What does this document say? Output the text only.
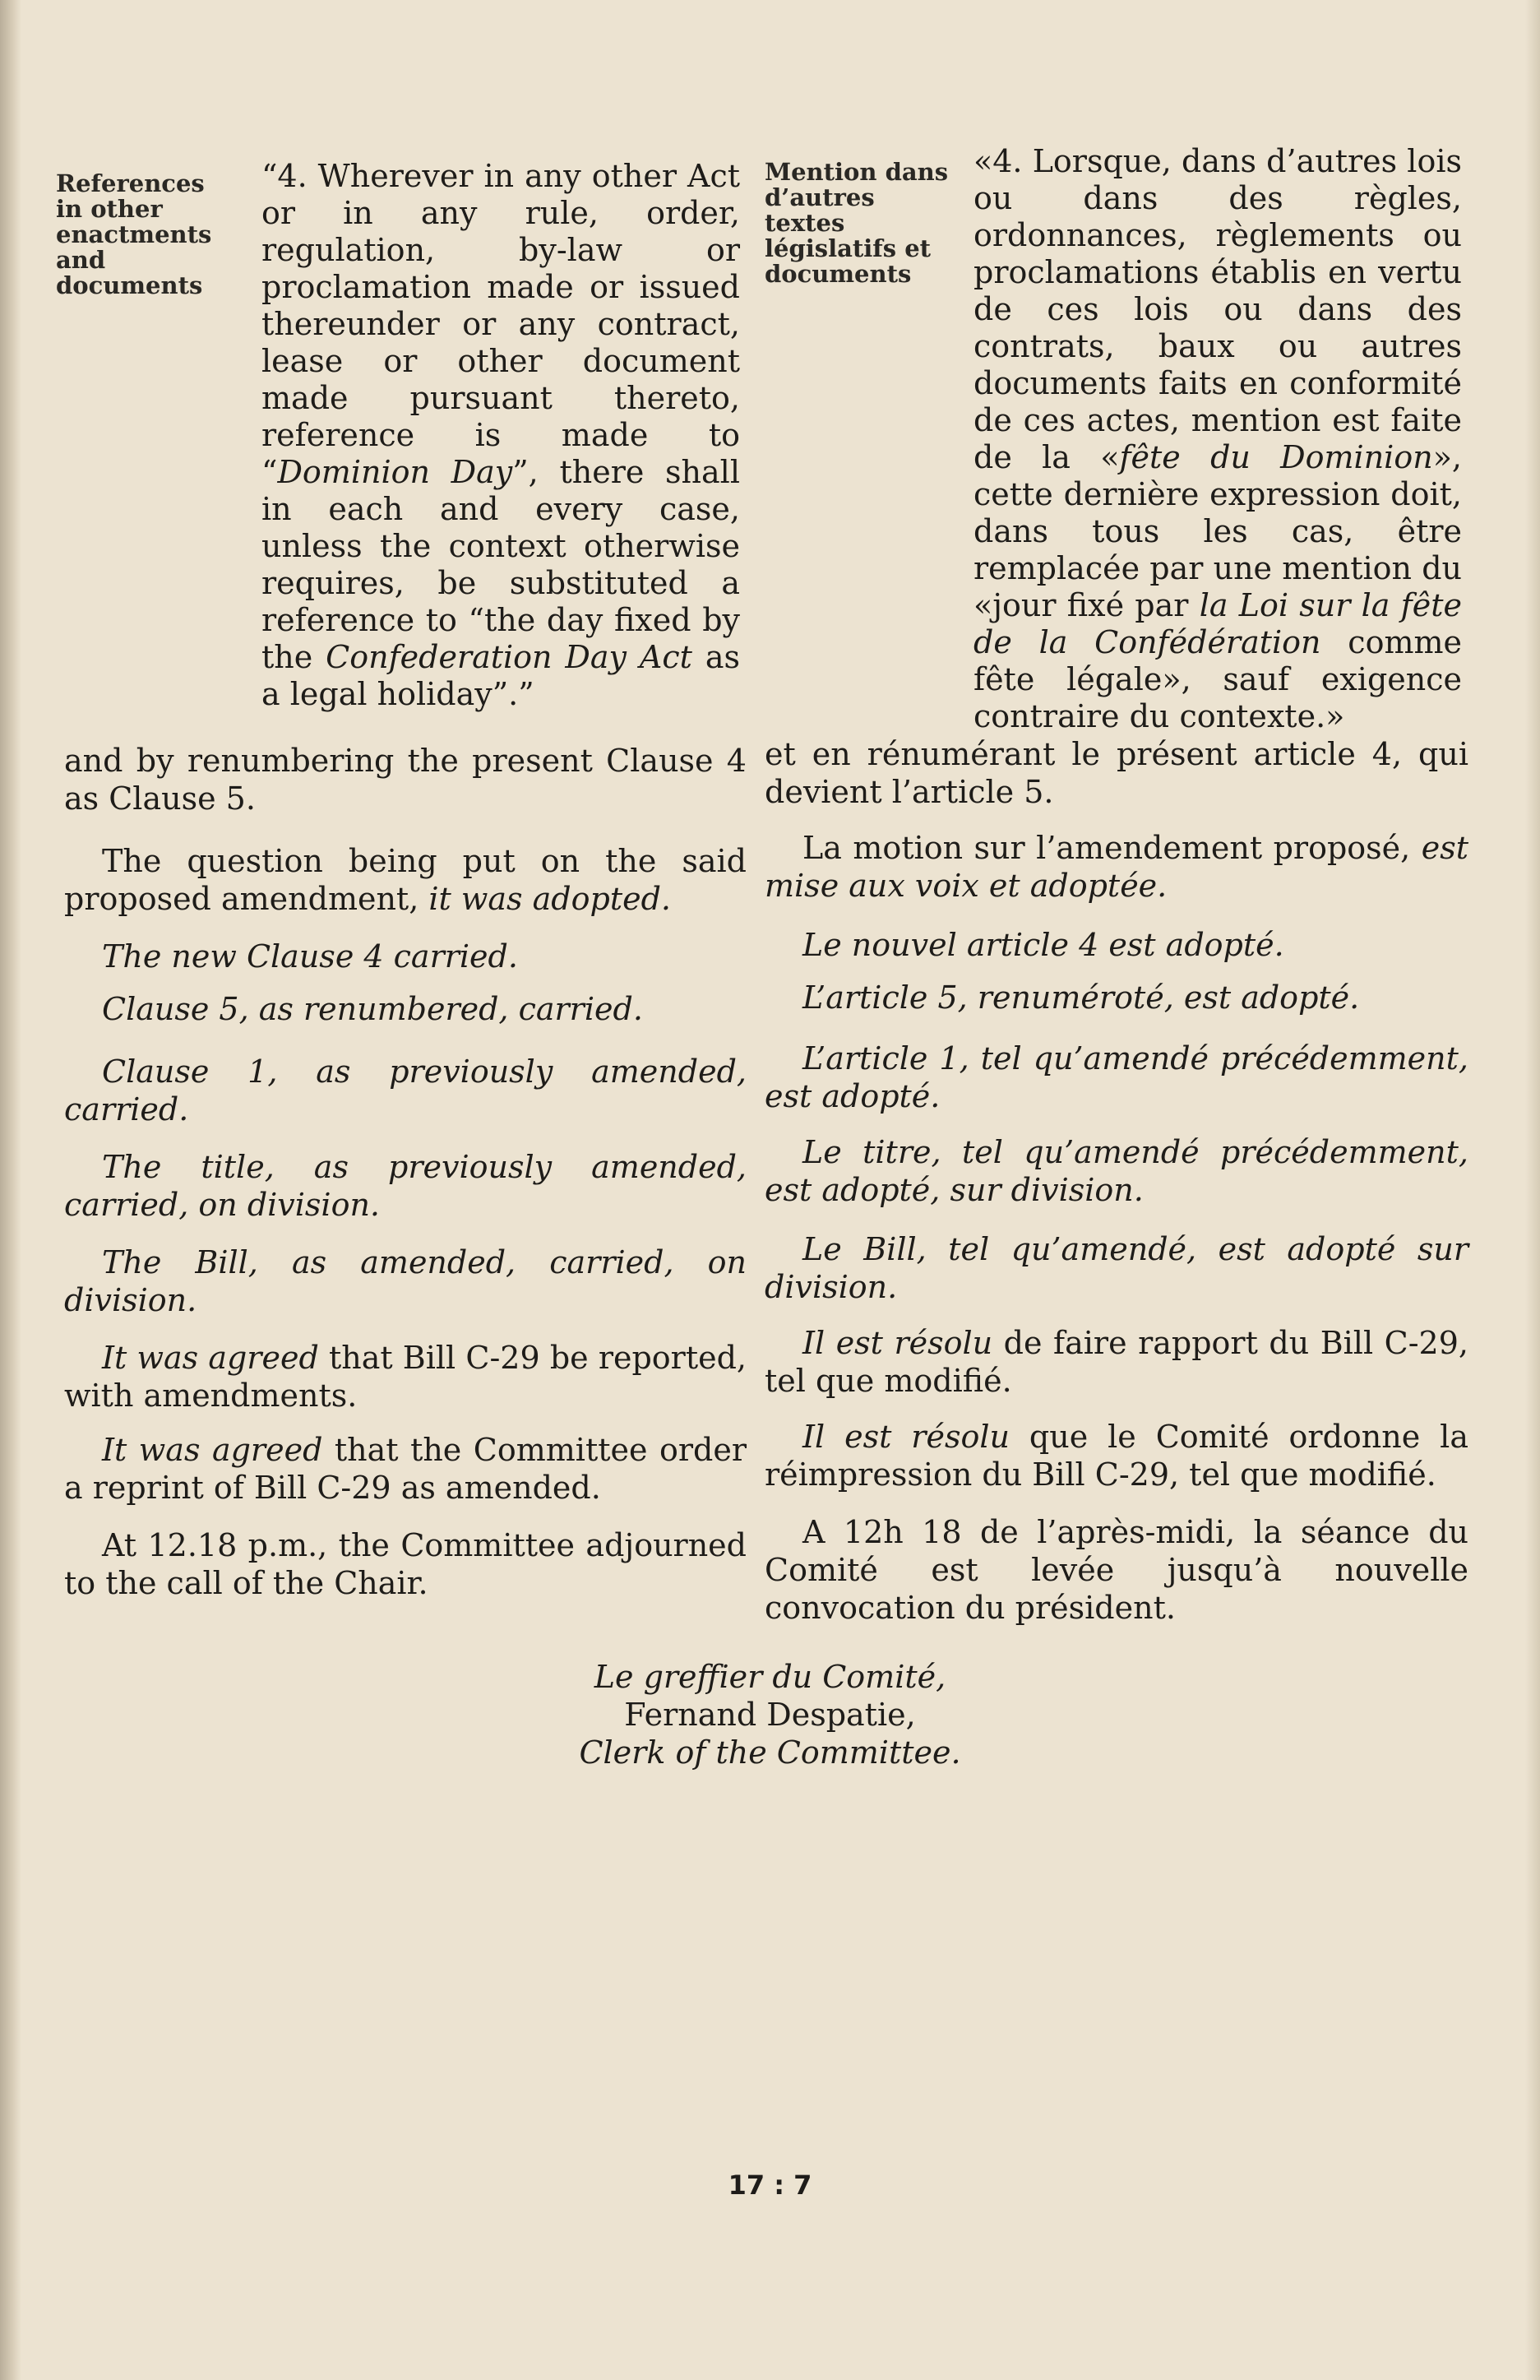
References in other enactments and documents
“4. Wherever in any other Act or in any rule, order, regulation, by-law or proclamation made or issued thereunder or any contract, lease or other document made pursuant thereto, reference is made to “Dominion Day”, there shall in each and every case, unless the context otherwise requires, be substituted a reference to “the day fixed by the Confederation Day Act as a legal holiday”.”
and by renumbering the present Clause 4 as Clause 5.
The question being put on the said proposed amendment, it was adopted.
The new Clause 4 carried.
Clause 5, as renumbered, carried.
Clause 1, as previously amended, carried.
The title, as previously amended, carried, on division.
The Bill, as amended, carried, on division.
It was agreed that Bill C-29 be reported, with amendments.
It was agreed that the Committee order a reprint of Bill C-29 as amended.
At 12.18 p.m., the Committee adjourned to the call of the Chair.
Mention dans d’autres textes législatifs et documents
«4. Lorsque, dans d’autres lois ou dans des règles, ordonnances, règlements ou proclamations établis en vertu de ces lois ou dans des contrats, baux ou autres documents faits en conformité de ces actes, mention est faite de la «fête du Dominion», cette dernière expression doit, dans tous les cas, être remplacée par une mention du «jour fixé par la Loi sur la fête de la Confédération comme fête légale», sauf exigence contraire du contexte.»
et en rénumérant le présent article 4, qui devient l’article 5.
La motion sur l’amendement proposé, est mise aux voix et adoptée.
Le nouvel article 4 est adopté.
L’article 5, renuméroté, est adopté.
L’article 1, tel qu’amendé précédemment, est adopté.
Le titre, tel qu’amendé précédemment, est adopté, sur division.
Le Bill, tel qu’amendé, est adopté sur division.
Il est résolu de faire rapport du Bill C-29, tel que modifié.
Il est résolu que le Comité ordonne la réimpression du Bill C-29, tel que modifié.
A 12h 18 de l’après-midi, la séance du Comité est levée jusqu’à nouvelle convocation du président.
Le greffier du Comité,
Fernand Despatie,
Clerk of the Committee.
17 : 7
